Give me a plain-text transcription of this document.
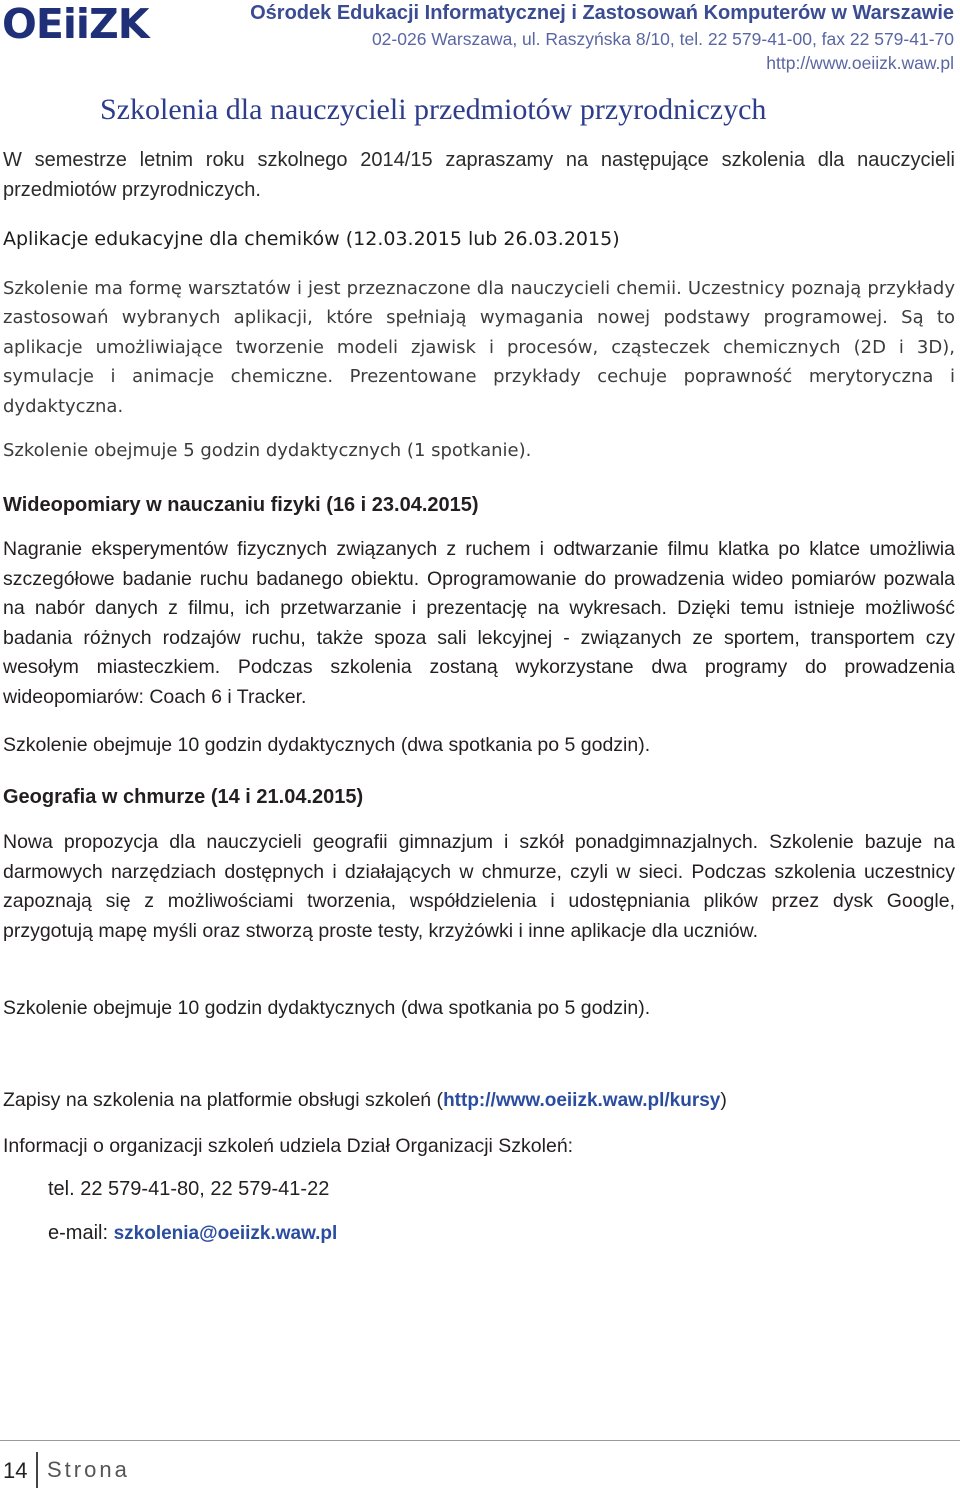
OEiiZK	Ośrodek Edukacji Informatycznej i Zastosowań Komputerów w Warszawie
02-026 Warszawa, ul. Raszyńska 8/10, tel. 22 579-41-00, fax 22 579-41-70
http://www.oeiizk.waw.pl
Szkolenia dla nauczycieli przedmiotów przyrodniczych

W semestrze letnim roku szkolnego 2014/15 zapraszamy na następujące szkolenia dla nauczycieli przedmiotów przyrodniczych.

Aplikacje edukacyjne dla chemików (12.03.2015 lub 26.03.2015)

Szkolenie ma formę warsztatów i jest przeznaczone dla nauczycieli chemii. Uczestnicy poznają przykłady zastosowań wybranych aplikacji, które spełniają wymagania nowej podstawy programowej. Są to aplikacje umożliwiające tworzenie modeli zjawisk i procesów, cząsteczek chemicznych (2D i 3D), symulacje i animacje chemiczne. Prezentowane przykłady cechuje poprawność merytoryczna i dydaktyczna.

Szkolenie obejmuje 5 godzin dydaktycznych (1 spotkanie).

Wideopomiary w nauczaniu fizyki (16 i 23.04.2015)

Nagranie eksperymentów fizycznych związanych z ruchem i odtwarzanie filmu klatka po klatce umożliwia szczegółowe badanie ruchu badanego obiektu. Oprogramowanie do prowadzenia wideo pomiarów pozwala na nabór danych z filmu, ich przetwarzanie i prezentację na wykresach. Dzięki temu istnieje możliwość badania różnych rodzajów ruchu, także spoza sali lekcyjnej - związanych ze sportem, transportem czy wesołym miasteczkiem. Podczas szkolenia zostaną wykorzystane dwa programy do prowadzenia wideopomiarów: Coach 6 i Tracker.

Szkolenie obejmuje 10 godzin dydaktycznych (dwa spotkania po 5 godzin).

Geografia w chmurze (14 i 21.04.2015)

Nowa propozycja dla nauczycieli geografii gimnazjum i szkół ponadgimnazjalnych. Szkolenie bazuje na darmowych narzędziach dostępnych i działających w chmurze, czyli w sieci. Podczas szkolenia uczestnicy zapoznają się z możliwościami tworzenia, współdzielenia i udostępniania plików przez dysk Google, przygotują mapę myśli oraz stworzą proste testy, krzyżówki i inne aplikacje dla uczniów.

Szkolenie obejmuje 10 godzin dydaktycznych (dwa spotkania po 5 godzin).

Zapisy na szkolenia na platformie obsługi szkoleń (http://www.oeiizk.waw.pl/kursy)

Informacji o organizacji szkoleń udziela Dział Organizacji Szkoleń:

tel. 22 579-41-80, 22 579-41-22
e-mail: szkolenia@oeiizk.waw.pl
14 Strona
